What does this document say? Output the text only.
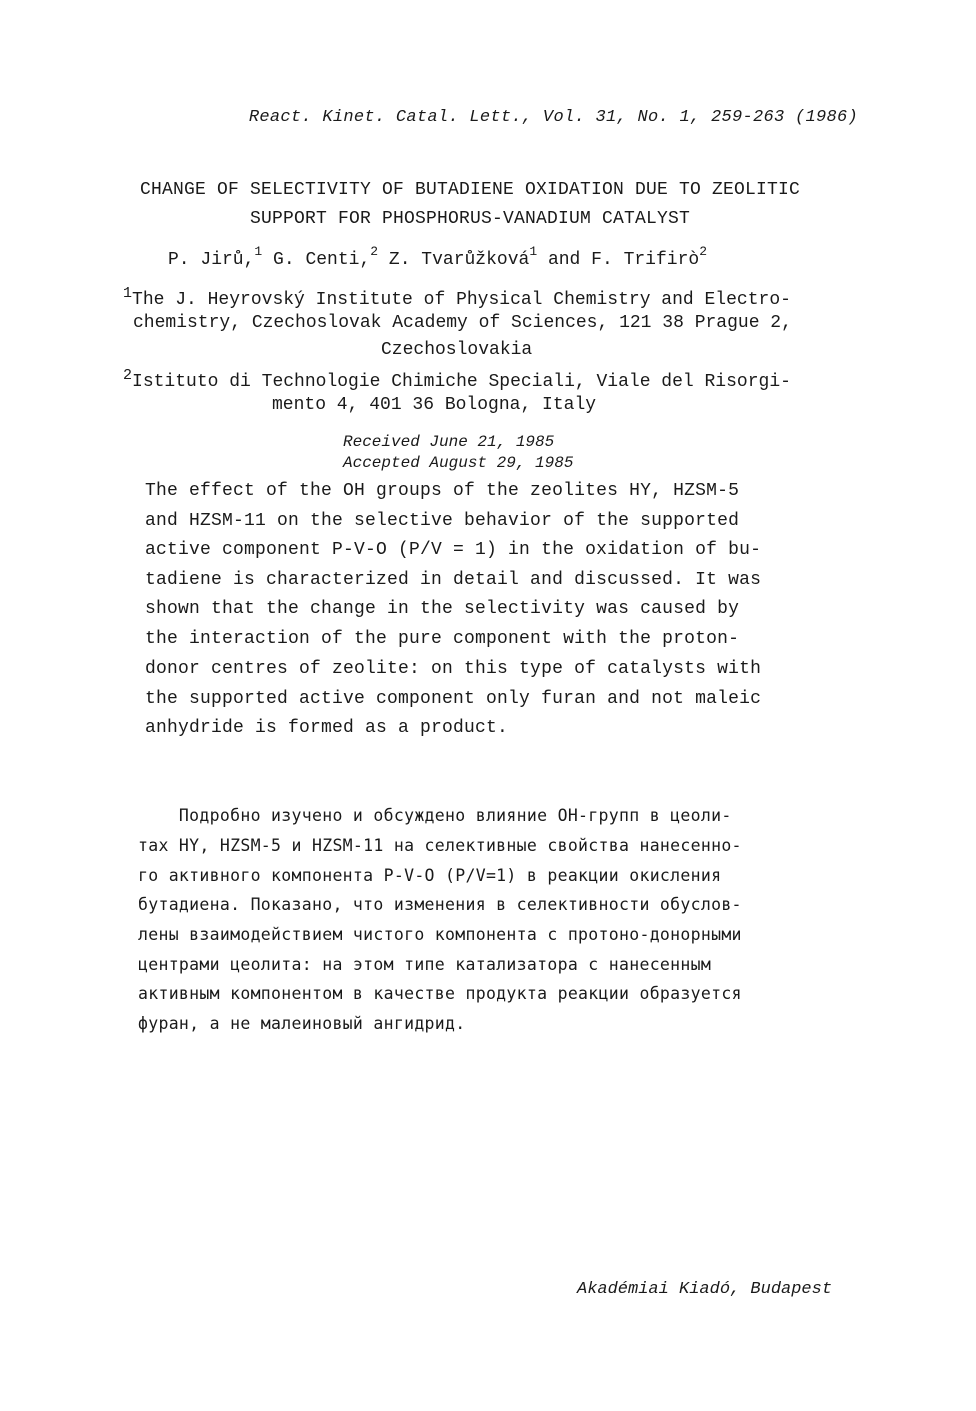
React. Kinet. Catal. Lett., Vol. 31, No. 1, 259-263 (1986)
CHANGE OF SELECTIVITY OF BUTADIENE OXIDATION DUE TO ZEOLITIC
SUPPORT FOR PHOSPHORUS-VANADIUM CATALYST
P. Jirů,$^1$ G. Centi,$^2$ Z. Tvarůžková$^1$ and F. Trifirò$^2$
$^1$The J. Heyrovský Institute of Physical Chemistry and Electro-
chemistry, Czechoslovak Academy of Sciences, 121 38 Prague 2,
Czechoslovakia
$^2$Istituto di Technologie Chimiche Speciali, Viale del Risorgi-
mento 4, 401 36 Bologna, Italy
Received June 21, 1985
Accepted August 29, 1985
The effect of the OH groups of the zeolites HY, HZSM-5
and HZSM-11 on the selective behavior of the supported
active component P-V-O (P/V = 1) in the oxidation of bu-
tadiene is characterized in detail and discussed. It was
shown that the change in the selectivity was caused by
the interaction of the pure component with the proton-
donor centres of zeolite: on this type of catalysts with
the supported active component only furan and not maleic
anhydride is formed as a product.
Подробно изучено и обсуждено влияние OH-групп в цеоли-
тах HY, HZSM-5 и HZSM-11 на селективные свойства нанесенно-
го активного компонента P-V-O (P/V=1) в реакции окисления
бутадиена. Показано, что изменения в селективности обуслов-
лены взаимодействием чистого компонента с протоно-донорными
центрами цеолита: на этом типе катализатора с нанесенным
активным компонентом в качестве продукта реакции образуется
фуран, а не малеиновый ангидрид.
Akadémiai Kiadó, Budapest
